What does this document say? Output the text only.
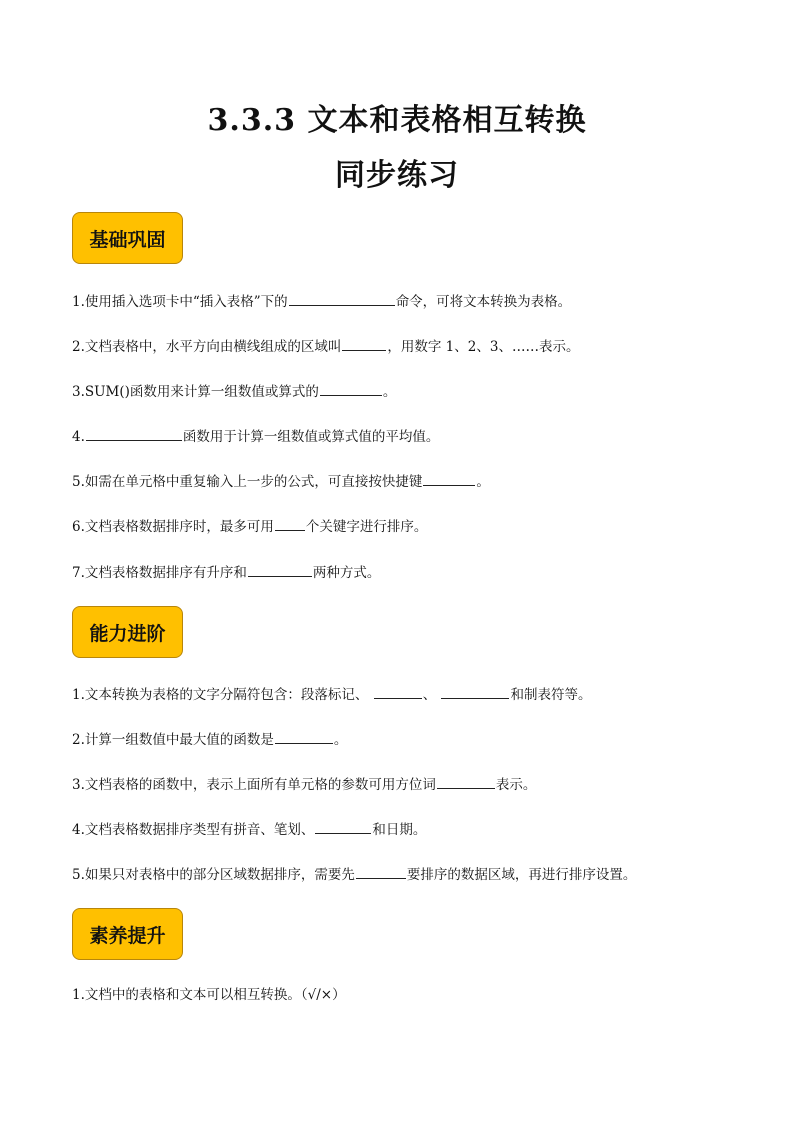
3.3.3 文本和表格相互转换
同步练习
基础巩固
1.使用插入选项卡中“插入表格”下的	命令，可将文本转换为表格。
2.文档表格中，水平方向由横线组成的区域叫	，用数字 1、2、3、……表示。
3.SUM()函数用来计算一组数值或算式的	。
4.	函数用于计算一组数值或算式值的平均值。
5.如需在单元格中重复输入上一步的公式，可直接按快捷键	。
6.文档表格数据排序时，最多可用 个关键字进行排序。
7.文档表格数据排序有升序和	两种方式。
能力进阶
1.文本转换为表格的文字分隔符包含：段落标记、	、	和制表符等。
2.计算一组数值中最大值的函数是	。
3.文档表格的函数中，表示上面所有单元格的参数可用方位词	表示。
4.文档表格数据排序类型有拼音、笔划、	和日期。
5.如果只对表格中的部分区域数据排序，需要先	要排序的数据区域，再进行排序设置。
素养提升
1.文档中的表格和文本可以相互转换。（√/×）
